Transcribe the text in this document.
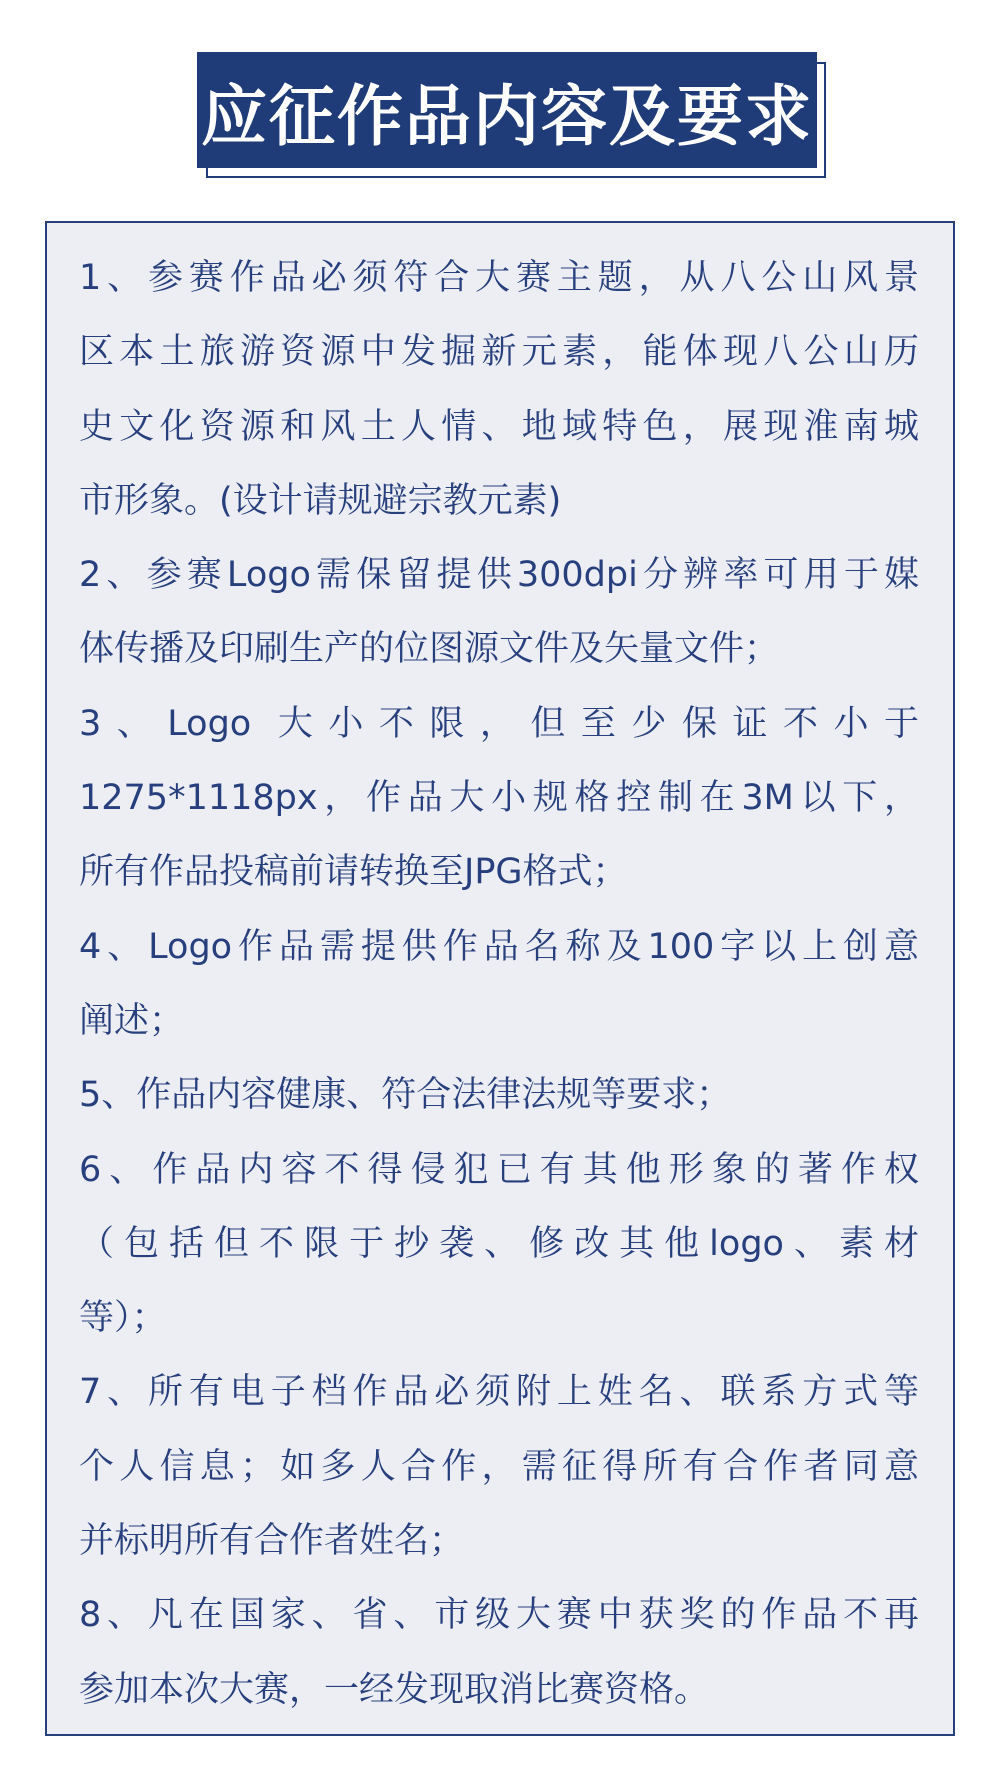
应征作品内容及要求
1、参赛作品必须符合大赛主题，从八公山风景
区本土旅游资源中发掘新元素，能体现八公山历
史文化资源和风土人情、地域特色，展现淮南城
市形象。(设计请规避宗教元素)
2、参赛Logo需保留提供300dpi分辨率可用于媒
体传播及印刷生产的位图源文件及矢量文件；
3、Logo 大小不限，但至少保证不小于
1275*1118px，作品大小规格控制在3M以下，
所有作品投稿前请转换至JPG格式；
4、Logo作品需提供作品名称及100字以上创意
阐述；
5、作品内容健康、符合法律法规等要求；
6、作品内容不得侵犯已有其他形象的著作权
（包括但不限于抄袭、修改其他logo、素材
等）；
7、所有电子档作品必须附上姓名、联系方式等
个人信息；如多人合作，需征得所有合作者同意
并标明所有合作者姓名；
8、凡在国家、省、市级大赛中获奖的作品不再
参加本次大赛，一经发现取消比赛资格。
